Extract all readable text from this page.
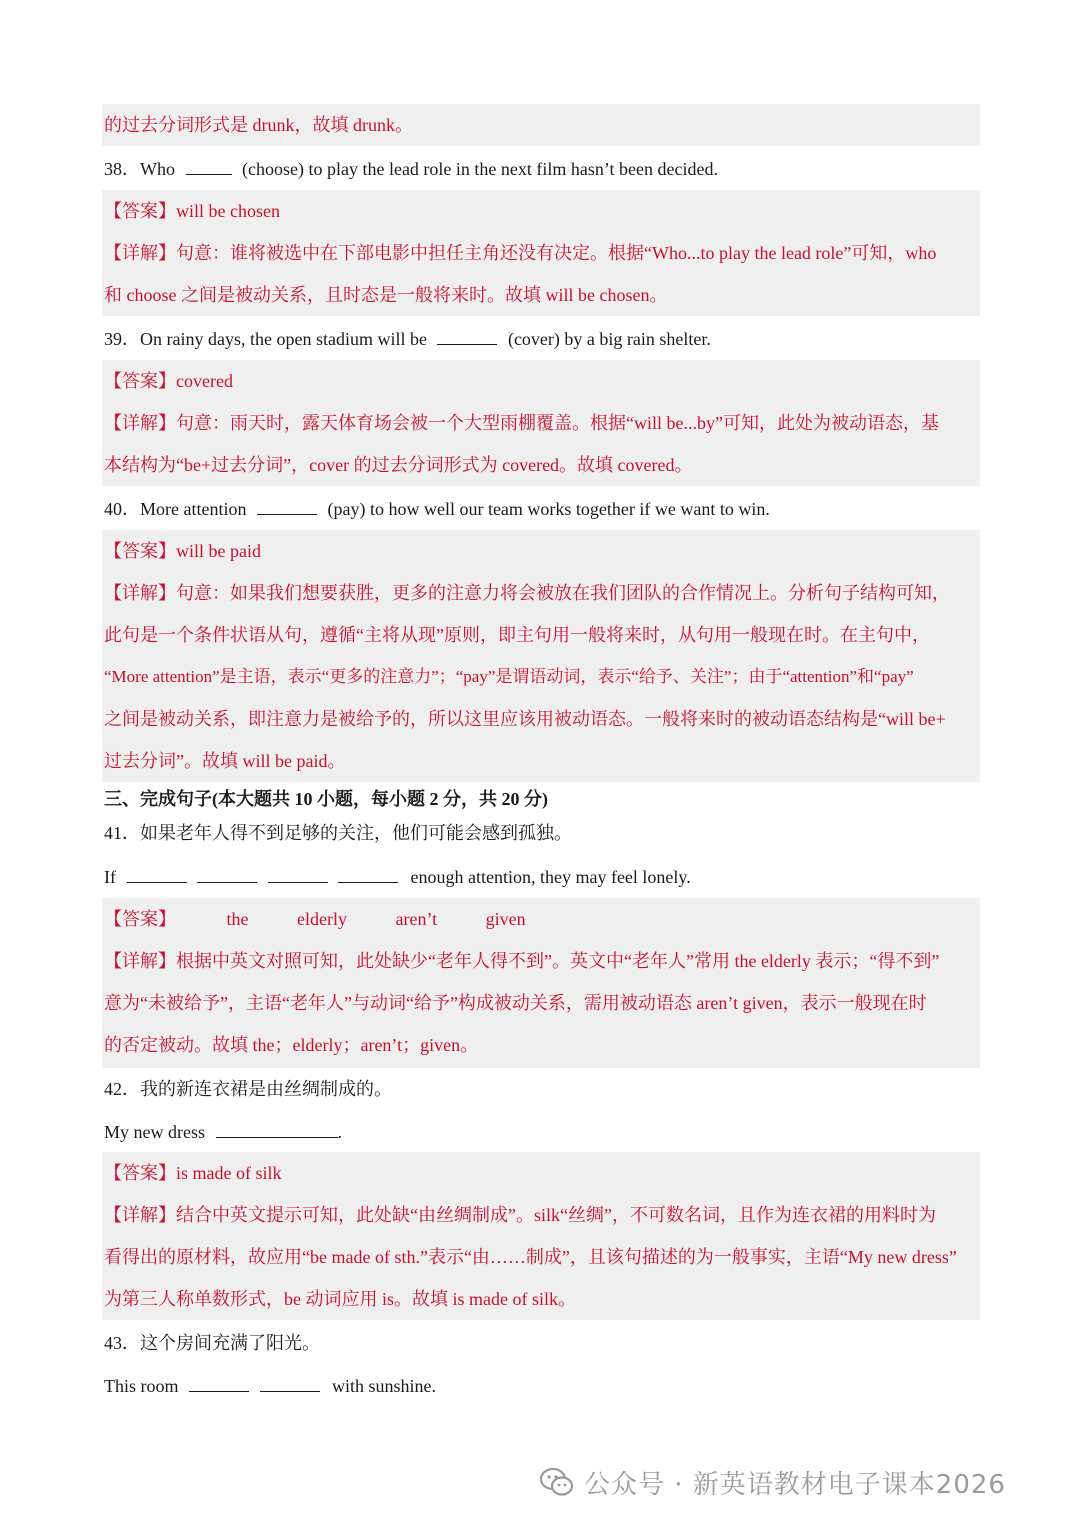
的过去分词形式是 drunk，故填 drunk。
38．Who	(choose) to play the lead role in the next film hasn’t been decided.
【答案】will be chosen
【详解】句意：谁将被选中在下部电影中担任主角还没有决定。根据“Who...to play the lead role”可知，who
和 choose 之间是被动关系，且时态是一般将来时。故填 will be chosen。
39．On rainy days, the open stadium will be	(cover) by a big rain shelter.
【答案】covered
【详解】句意：雨天时，露天体育场会被一个大型雨棚覆盖。根据“will be...by”可知，此处为被动语态，基
本结构为“be+过去分词”，cover 的过去分词形式为 covered。故填 covered。
40．More attention	(pay) to how well our team works together if we want to win.
【答案】will be paid
【详解】句意：如果我们想要获胜，更多的注意力将会被放在我们团队的合作情况上。分析句子结构可知，
此句是一个条件状语从句，遵循“主将从现”原则，即主句用一般将来时，从句用一般现在时。在主句中，
“More attention”是主语，表示“更多的注意力”；“pay”是谓语动词，表示“给予、关注”；由于“attention”和“pay”
之间是被动关系，即注意力是被给予的，所以这里应该用被动语态。一般将来时的被动语态结构是“will be+
过去分词”。故填 will be paid。
三、完成句子(本大题共 10 小题，每小题 2 分，共 20 分)
41．如果老年人得不到足够的关注，他们可能会感到孤独。
If	enough attention, they may feel lonely.
【答案】	the	elderly	aren’t	given
【详解】根据中英文对照可知，此处缺少“老年人得不到”。英文中“老年人”常用 the elderly 表示；“得不到”
意为“未被给予”，主语“老年人”与动词“给予”构成被动关系，需用被动语态 aren’t given，表示一般现在时
的否定被动。故填 the；elderly；aren’t；given。
42．我的新连衣裙是由丝绸制成的。
My new dress	.
【答案】is made of silk
【详解】结合中英文提示可知，此处缺“由丝绸制成”。silk“丝绸”，不可数名词，且作为连衣裙的用料时为
看得出的原材料，故应用“be made of sth.”表示“由……制成”，且该句描述的为一般事实，主语“My new dress”
为第三人称单数形式，be 动词应用 is。故填 is made of silk。
43．这个房间充满了阳光。
This room	with sunshine.
公众号 · 新英语教材电子课本2026
